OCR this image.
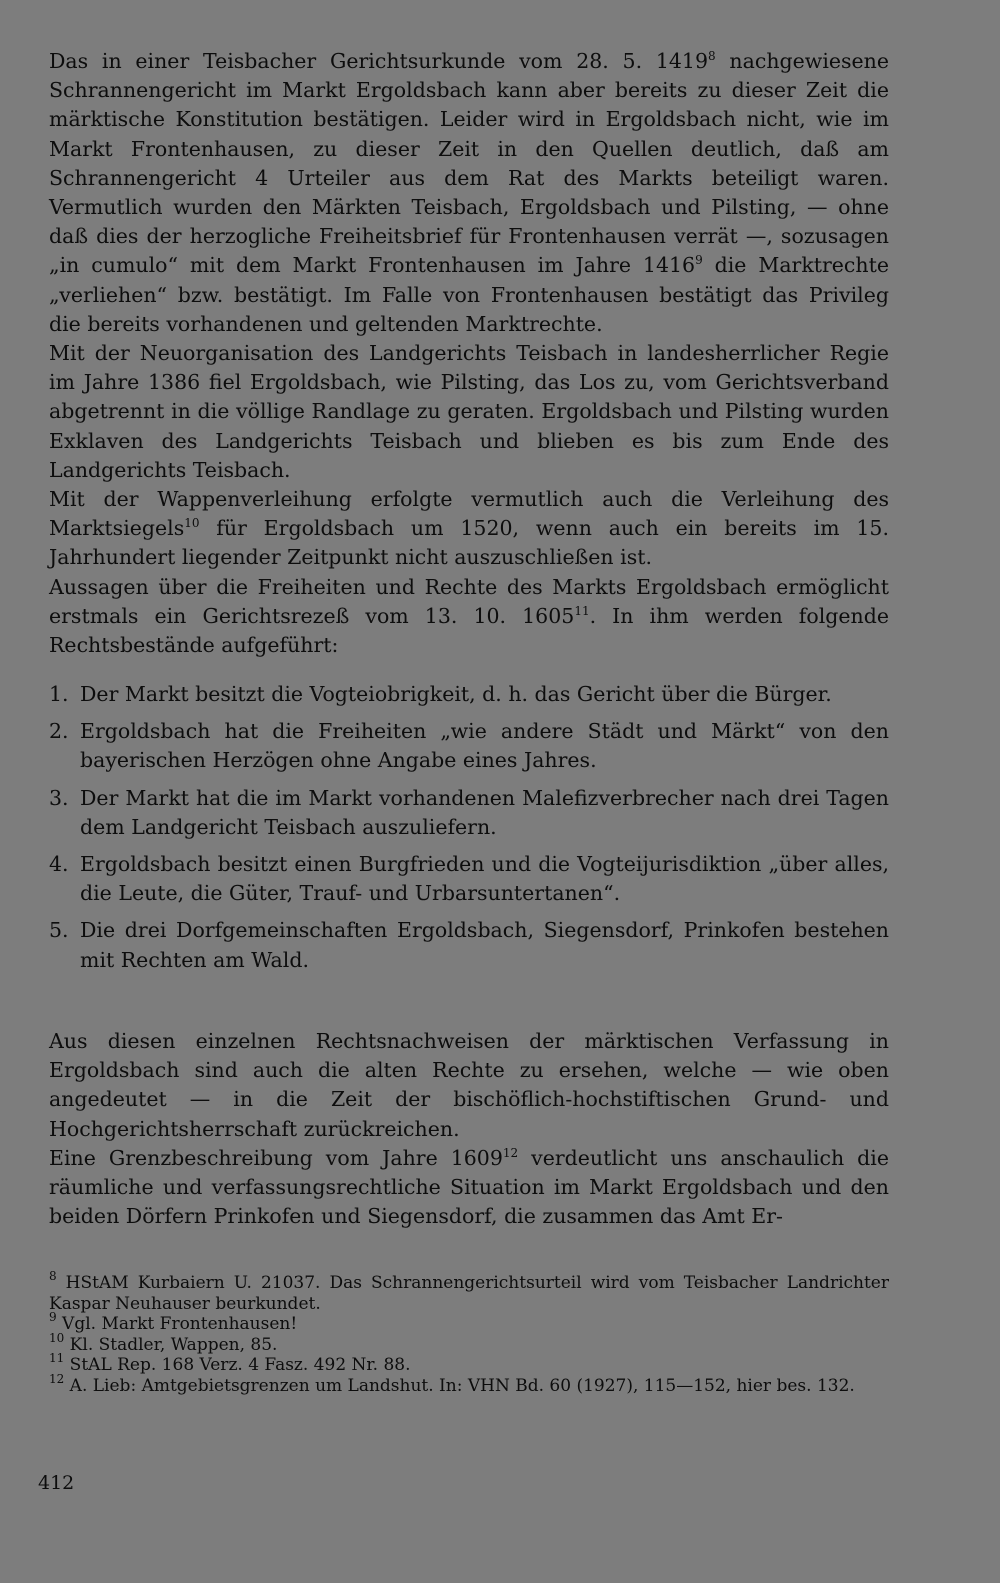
Das in einer Teisbacher Gerichtsurkunde vom 28. 5. 1419$^8$ nachgewiesene Schrannengericht im Markt Ergoldsbach kann aber bereits zu dieser Zeit die märktische Konstitution bestätigen. Leider wird in Ergoldsbach nicht, wie im Markt Frontenhausen, zu dieser Zeit in den Quellen deutlich, daß am Schrannengericht 4 Urteiler aus dem Rat des Markts beteiligt waren. Vermutlich wurden den Märkten Teisbach, Ergoldsbach und Pilsting, — ohne daß dies der herzogliche Freiheitsbrief für Frontenhausen verrät —, sozusagen „in cumulo“ mit dem Markt Frontenhausen im Jahre 1416$^9$ die Marktrechte „verliehen“ bzw. bestätigt. Im Falle von Frontenhausen bestätigt das Privileg die bereits vorhandenen und geltenden Marktrechte.

Mit der Neuorganisation des Landgerichts Teisbach in landesherrlicher Regie im Jahre 1386 fiel Ergoldsbach, wie Pilsting, das Los zu, vom Gerichtsverband abgetrennt in die völlige Randlage zu geraten. Ergoldsbach und Pilsting wurden Exklaven des Landgerichts Teisbach und blieben es bis zum Ende des Landgerichts Teisbach.

Mit der Wappenverleihung erfolgte vermutlich auch die Verleihung des Marktsiegels$^{10}$ für Ergoldsbach um 1520, wenn auch ein bereits im 15. Jahrhundert liegender Zeitpunkt nicht auszuschließen ist.

Aussagen über die Freiheiten und Rechte des Markts Ergoldsbach ermöglicht erstmals ein Gerichtsrezeß vom 13. 10. 1605$^{11}$. In ihm werden folgende Rechtsbestände aufgeführt:

1. Der Markt besitzt die Vogteiobrigkeit, d. h. das Gericht über die Bürger.
2. Ergoldsbach hat die Freiheiten „wie andere Städt und Märkt“ von den bayerischen Herzögen ohne Angabe eines Jahres.
3. Der Markt hat die im Markt vorhandenen Malefizverbrecher nach drei Tagen dem Landgericht Teisbach auszuliefern.
4. Ergoldsbach besitzt einen Burgfrieden und die Vogteijurisdiktion „über alles, die Leute, die Güter, Trauf- und Urbarsuntertanen“.
5. Die drei Dorfgemeinschaften Ergoldsbach, Siegensdorf, Prinkofen bestehen mit Rechten am Wald.

Aus diesen einzelnen Rechtsnachweisen der märktischen Verfassung in Ergoldsbach sind auch die alten Rechte zu ersehen, welche — wie oben angedeutet — in die Zeit der bischöflich-hochstiftischen Grund- und Hochgerichtsherrschaft zurückreichen.

Eine Grenzbeschreibung vom Jahre 1609$^{12}$ verdeutlicht uns anschaulich die räumliche und verfassungsrechtliche Situation im Markt Ergoldsbach und den beiden Dörfern Prinkofen und Siegensdorf, die zusammen das Amt Er-

$^8$ HStAM Kurbaiern U. 21037. Das Schrannengerichtsurteil wird vom Teisbacher Landrichter Kaspar Neuhauser beurkundet.

$^9$ Vgl. Markt Frontenhausen!

$^{10}$ Kl. Stadler, Wappen, 85.

$^{11}$ StAL Rep. 168 Verz. 4 Fasz. 492 Nr. 88.

$^{12}$ A. Lieb: Amtgebietsgrenzen um Landshut. In: VHN Bd. 60 (1927), 115—152, hier bes. 132.

412
